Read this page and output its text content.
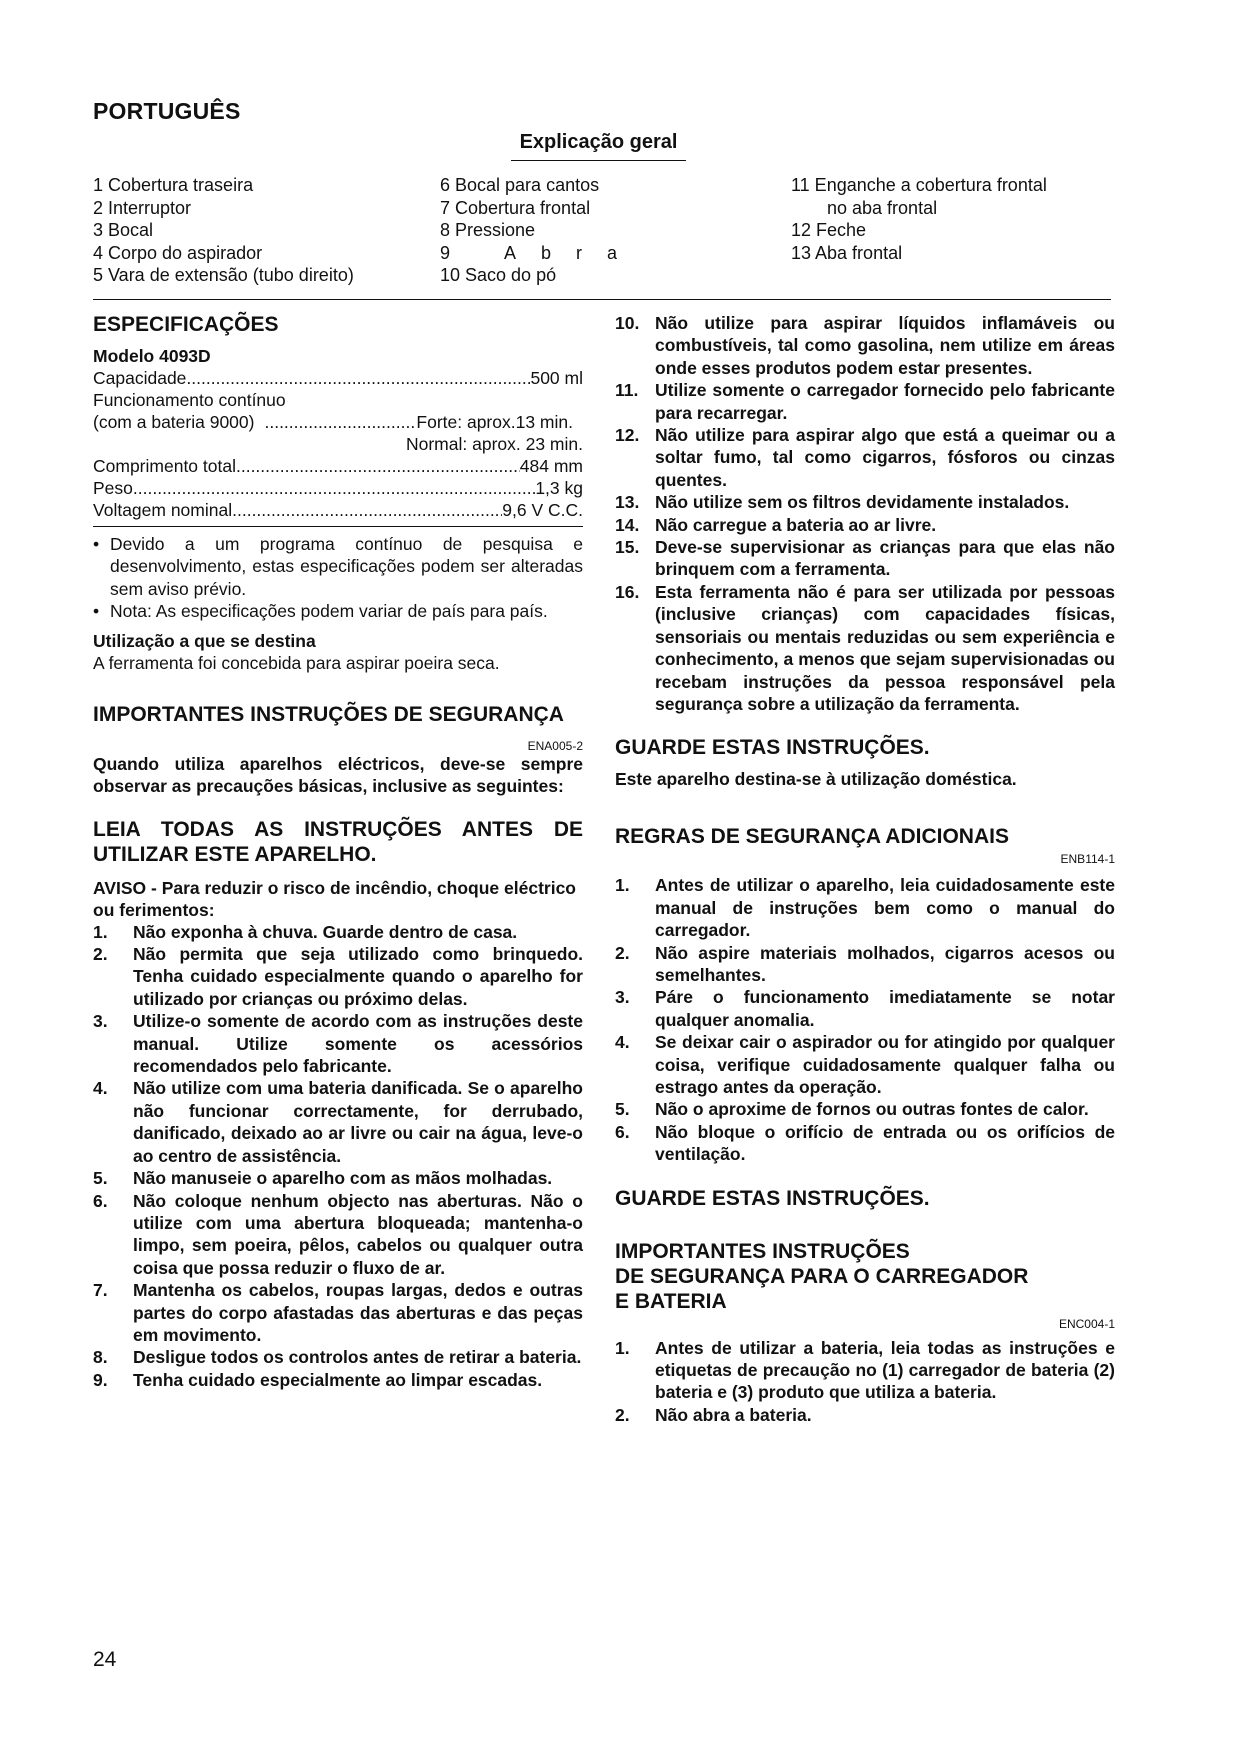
PORTUGUÊS
Explicação geral
1 Cobertura traseira
2 Interruptor
3 Bocal
4 Corpo do aspirador
5 Vara de extensão (tubo direito)
6 Bocal para cantos
7 Cobertura frontal
8 Pressione
9 Abra
10 Saco do pó
11 Enganche a cobertura frontal
no aba frontal
12 Feche
13 Aba frontal
ESPECIFICAÇÕES
Modelo 4093D
Capacidade .....	500 ml
Funcionamento contínuo
(com a bateria 9000) .....	Forte: aprox.13 min.
Normal: aprox. 23 min.
Comprimento total .....	484 mm
Peso .....	1,3 kg
Voltagem nominal .....	9,6 V C.C.
• Devido a um programa contínuo de pesquisa e desenvolvimento, estas especificações podem ser alteradas sem aviso prévio.
• Nota: As especificações podem variar de país para país.
Utilização a que se destina
A ferramenta foi concebida para aspirar poeira seca.
IMPORTANTES INSTRUÇÕES DE SEGURANÇA
ENA005-2
Quando utiliza aparelhos eléctricos, deve-se sempre observar as precauções básicas, inclusive as seguintes:
LEIA TODAS AS INSTRUÇÕES ANTES DE UTILIZAR ESTE APARELHO.
AVISO - Para reduzir o risco de incêndio, choque eléctrico ou ferimentos:
1. Não exponha à chuva. Guarde dentro de casa.
2. Não permita que seja utilizado como brinquedo. Tenha cuidado especialmente quando o aparelho for utilizado por crianças ou próximo delas.
3. Utilize-o somente de acordo com as instruções deste manual. Utilize somente os acessórios recomendados pelo fabricante.
4. Não utilize com uma bateria danificada. Se o aparelho não funcionar correctamente, for derrubado, danificado, deixado ao ar livre ou cair na água, leve-o ao centro de assistência.
5. Não manuseie o aparelho com as mãos molhadas.
6. Não coloque nenhum objecto nas aberturas. Não o utilize com uma abertura bloqueada; mantenha-o limpo, sem poeira, pêlos, cabelos ou qualquer outra coisa que possa reduzir o fluxo de ar.
7. Mantenha os cabelos, roupas largas, dedos e outras partes do corpo afastadas das aberturas e das peças em movimento.
8. Desligue todos os controlos antes de retirar a bateria.
9. Tenha cuidado especialmente ao limpar escadas.
10. Não utilize para aspirar líquidos inflamáveis ou combustíveis, tal como gasolina, nem utilize em áreas onde esses produtos podem estar presentes.
11. Utilize somente o carregador fornecido pelo fabricante para recarregar.
12. Não utilize para aspirar algo que está a queimar ou a soltar fumo, tal como cigarros, fósforos ou cinzas quentes.
13. Não utilize sem os filtros devidamente instalados.
14. Não carregue a bateria ao ar livre.
15. Deve-se supervisionar as crianças para que elas não brinquem com a ferramenta.
16. Esta ferramenta não é para ser utilizada por pessoas (inclusive crianças) com capacidades físicas, sensoriais ou mentais reduzidas ou sem experiência e conhecimento, a menos que sejam supervisionadas ou recebam instruções da pessoa responsável pela segurança sobre a utilização da ferramenta.
GUARDE ESTAS INSTRUÇÕES.
Este aparelho destina-se à utilização doméstica.
REGRAS DE SEGURANÇA ADICIONAIS
ENB114-1
1. Antes de utilizar o aparelho, leia cuidadosamente este manual de instruções bem como o manual do carregador.
2. Não aspire materiais molhados, cigarros acesos ou semelhantes.
3. Páre o funcionamento imediatamente se notar qualquer anomalia.
4. Se deixar cair o aspirador ou for atingido por qualquer coisa, verifique cuidadosamente qualquer falha ou estrago antes da operação.
5. Não o aproxime de fornos ou outras fontes de calor.
6. Não bloque o orifício de entrada ou os orifícios de ventilação.
GUARDE ESTAS INSTRUÇÕES.
IMPORTANTES INSTRUÇÕES
DE SEGURANÇA PARA O CARREGADOR
E BATERIA
ENC004-1
1. Antes de utilizar a bateria, leia todas as instruções e etiquetas de precaução no (1) carregador de bateria (2) bateria e (3) produto que utiliza a bateria.
2. Não abra a bateria.
24
